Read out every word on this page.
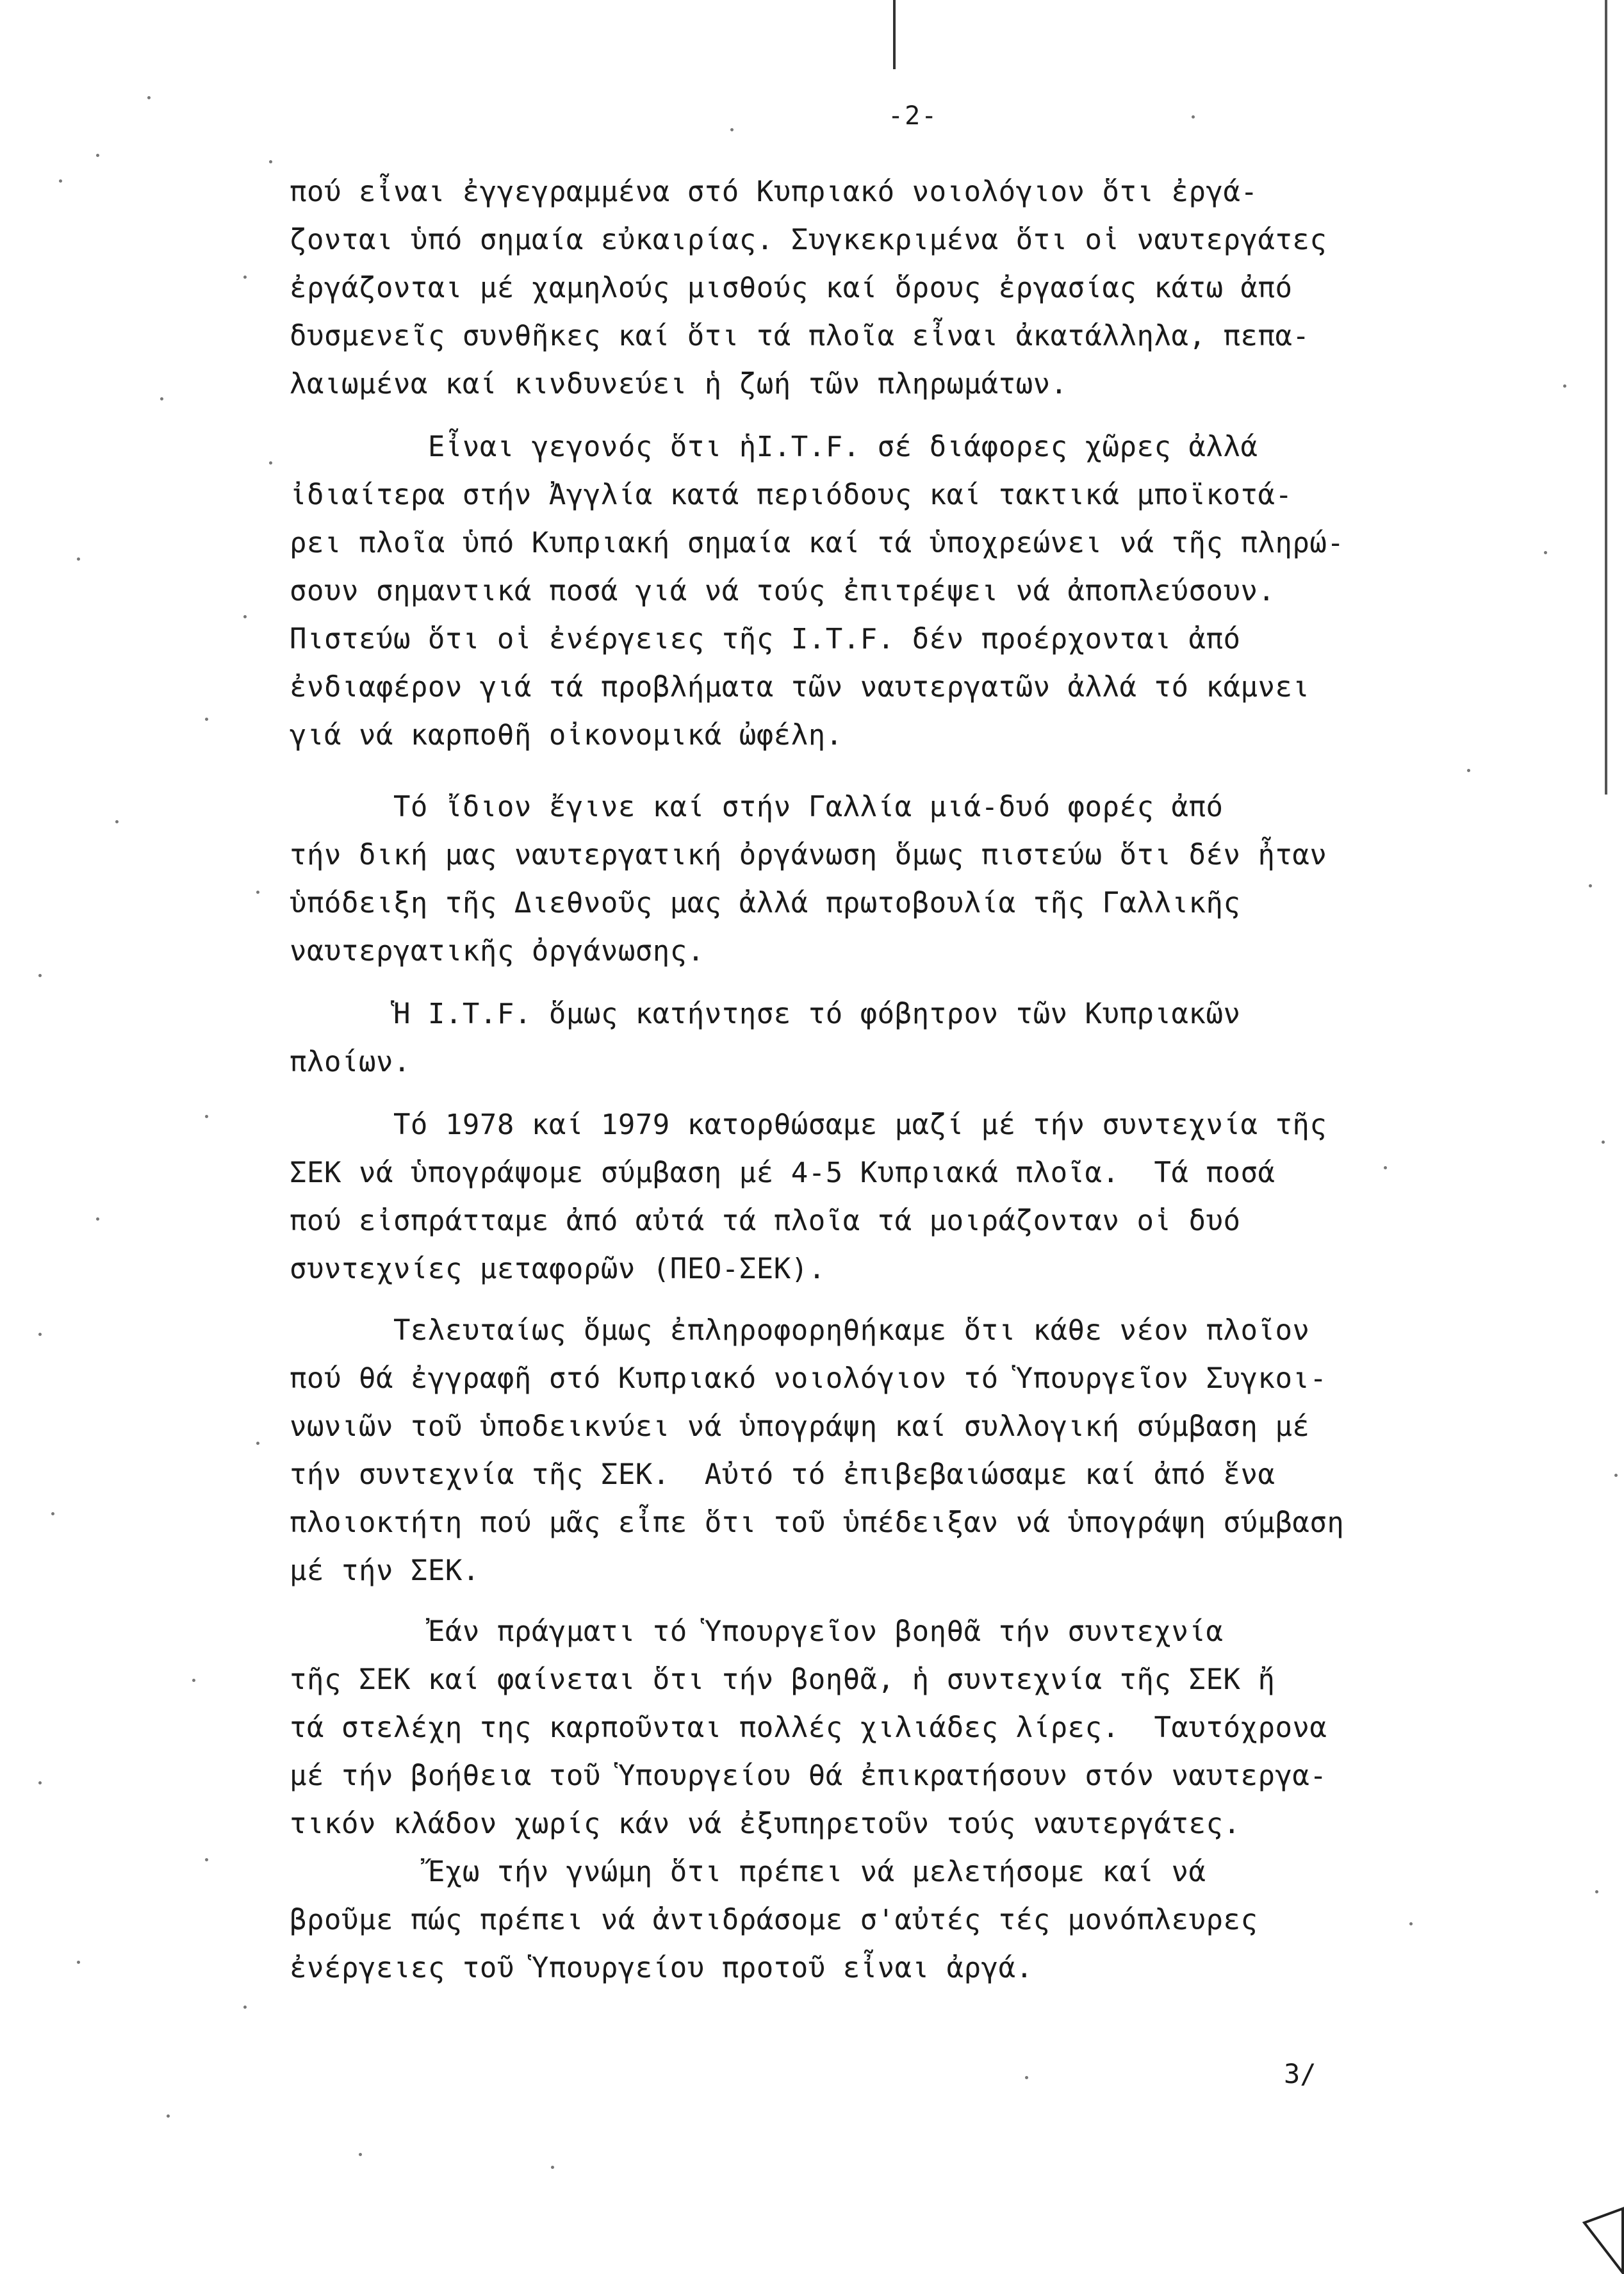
-2-
πού εἶναι ἐγγεγραμμένα στό Κυπριακό νοιολόγιον ὅτι ἐργά-
ζονται ὑπό σημαία εὐκαιρίας. Συγκεκριμένα ὅτι οἱ ναυτεργάτες
ἐργάζονται μέ χαμηλούς μισθούς καί ὅρους ἐργασίας κάτω ἀπό
δυσμενεῖς συνθῆκες καί ὅτι τά πλοῖα εἶναι ἀκατάλληλα, πεπα-
λαιωμένα καί κινδυνεύει ἡ ζωή τῶν πληρωμάτων.
Εἶναι γεγονός ὅτι ἡI.T.F. σέ διάφορες χῶρες ἀλλά
ἰδιαίτερα στήν Ἀγγλία κατά περιόδους καί τακτικά μποϊκοτά-
ρει πλοῖα ὑπό Κυπριακή σημαία καί τά ὑποχρεώνει νά τῆς πληρώ-
σουν σημαντικά ποσά γιά νά τούς ἐπιτρέψει νά ἀποπλεύσουν.
Πιστεύω ὅτι οἱ ἐνέργειες τῆς I.T.F. δέν προέρχονται ἀπό
ἐνδιαφέρον γιά τά προβλήματα τῶν ναυτεργατῶν ἀλλά τό κάμνει
γιά νά καρποθῆ οἰκονομικά ὠφέλη.
Τό ἴδιον ἔγινε καί στήν Γαλλία μιά-δυό φορές ἀπό
τήν δική μας ναυτεργατική ὀργάνωση ὅμως πιστεύω ὅτι δέν ἦταν
ὑπόδειξη τῆς Διεθνοῦς μας ἀλλά πρωτοβουλία τῆς Γαλλικῆς
ναυτεργατικῆς ὀργάνωσης.
Ἡ I.T.F. ὅμως κατήντησε τό φόβητρον τῶν Κυπριακῶν
πλοίων.
Τό 1978 καί 1979 κατορθώσαμε μαζί μέ τήν συντεχνία τῆς
ΣΕΚ νά ὑπογράψομε σύμβαση μέ 4-5 Κυπριακά πλοῖα.  Τά ποσά
πού εἰσπράτταμε ἀπό αὐτά τά πλοῖα τά μοιράζονταν οἱ δυό
συντεχνίες μεταφορῶν (ΠΕΟ-ΣΕΚ).
Τελευταίως ὅμως ἐπληροφορηθήκαμε ὅτι κάθε νέον πλοῖον
πού θά ἐγγραφῆ στό Κυπριακό νοιολόγιον τό Ὑπουργεῖον Συγκοι-
νωνιῶν τοῦ ὑποδεικνύει νά ὑπογράψη καί συλλογική σύμβαση μέ
τήν συντεχνία τῆς ΣΕΚ.  Αὐτό τό ἐπιβεβαιώσαμε καί ἀπό ἕνα
πλοιοκτήτη πού μᾶς εἶπε ὅτι τοῦ ὑπέδειξαν νά ὑπογράψη σύμβαση
μέ τήν ΣΕΚ.
Ἐάν πράγματι τό Ὑπουργεῖον βοηθᾶ τήν συντεχνία
τῆς ΣΕΚ καί φαίνεται ὅτι τήν βοηθᾶ, ἡ συντεχνία τῆς ΣΕΚ ἤ
τά στελέχη της καρποῦνται πολλές χιλιάδες λίρες.  Ταυτόχρονα
μέ τήν βοήθεια τοῦ Ὑπουργείου θά ἐπικρατήσουν στόν ναυτεργα-
τικόν κλάδον χωρίς κάν νά ἐξυπηρετοῦν τούς ναυτεργάτες.
Ἔχω τήν γνώμη ὅτι πρέπει νά μελετήσομε καί νά
βροῦμε πώς πρέπει νά ἀντιδράσομε σ'αὐτές τές μονόπλευρες
ἐνέργειες τοῦ Ὑπουργείου προτοῦ εἶναι ἀργά.
3/
